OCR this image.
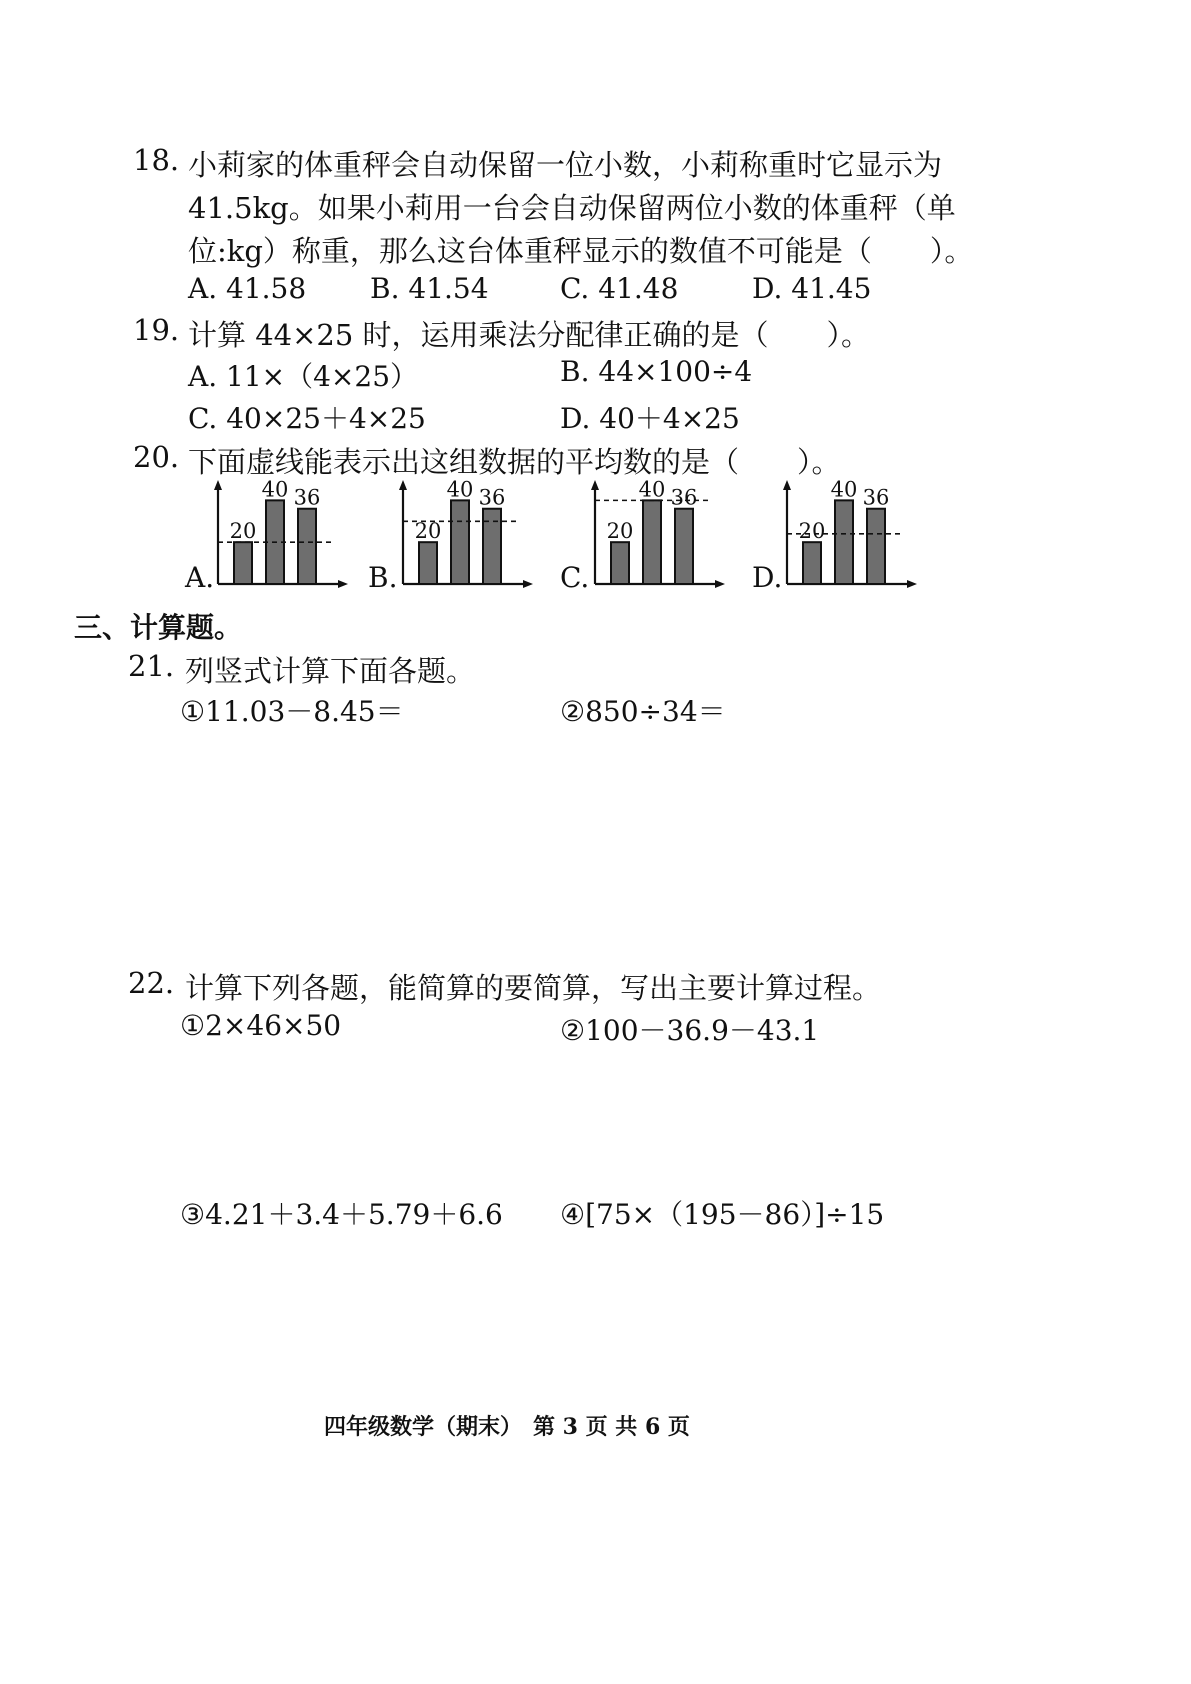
18. 小莉家的体重秤会自动保留一位小数，小莉称重时它显示为
41.5kg。如果小莉用一台会自动保留两位小数的体重秤（单
位:kg）称重，那么这台体重秤显示的数值不可能是（　　）。
A. 41.58 B. 41.54	C. 41.48	D. 41.45
19. 计算 44×25 时，运用乘法分配律正确的是（　　）。
A. 11×（4×25）	B. 44×100÷4
C. 40×25＋4×25	D. 40＋4×25
20. 下面虚线能表示出这组数据的平均数的是（　　）。
A.	B.	C.	D.
20
40 36
20
40 36
20
40 36
20
40 36
三、计算题。
21. 列竖式计算下面各题。
①11.03－8.45＝	②850÷34＝
22. 计算下列各题，能简算的要简算，写出主要计算过程。
①2×46×50	②100－36.9－43.1
③4.21＋3.4＋5.79＋6.6 ④[75×（195－86）]÷15
四年级数学（期末）　第 3 页 共 6 页
